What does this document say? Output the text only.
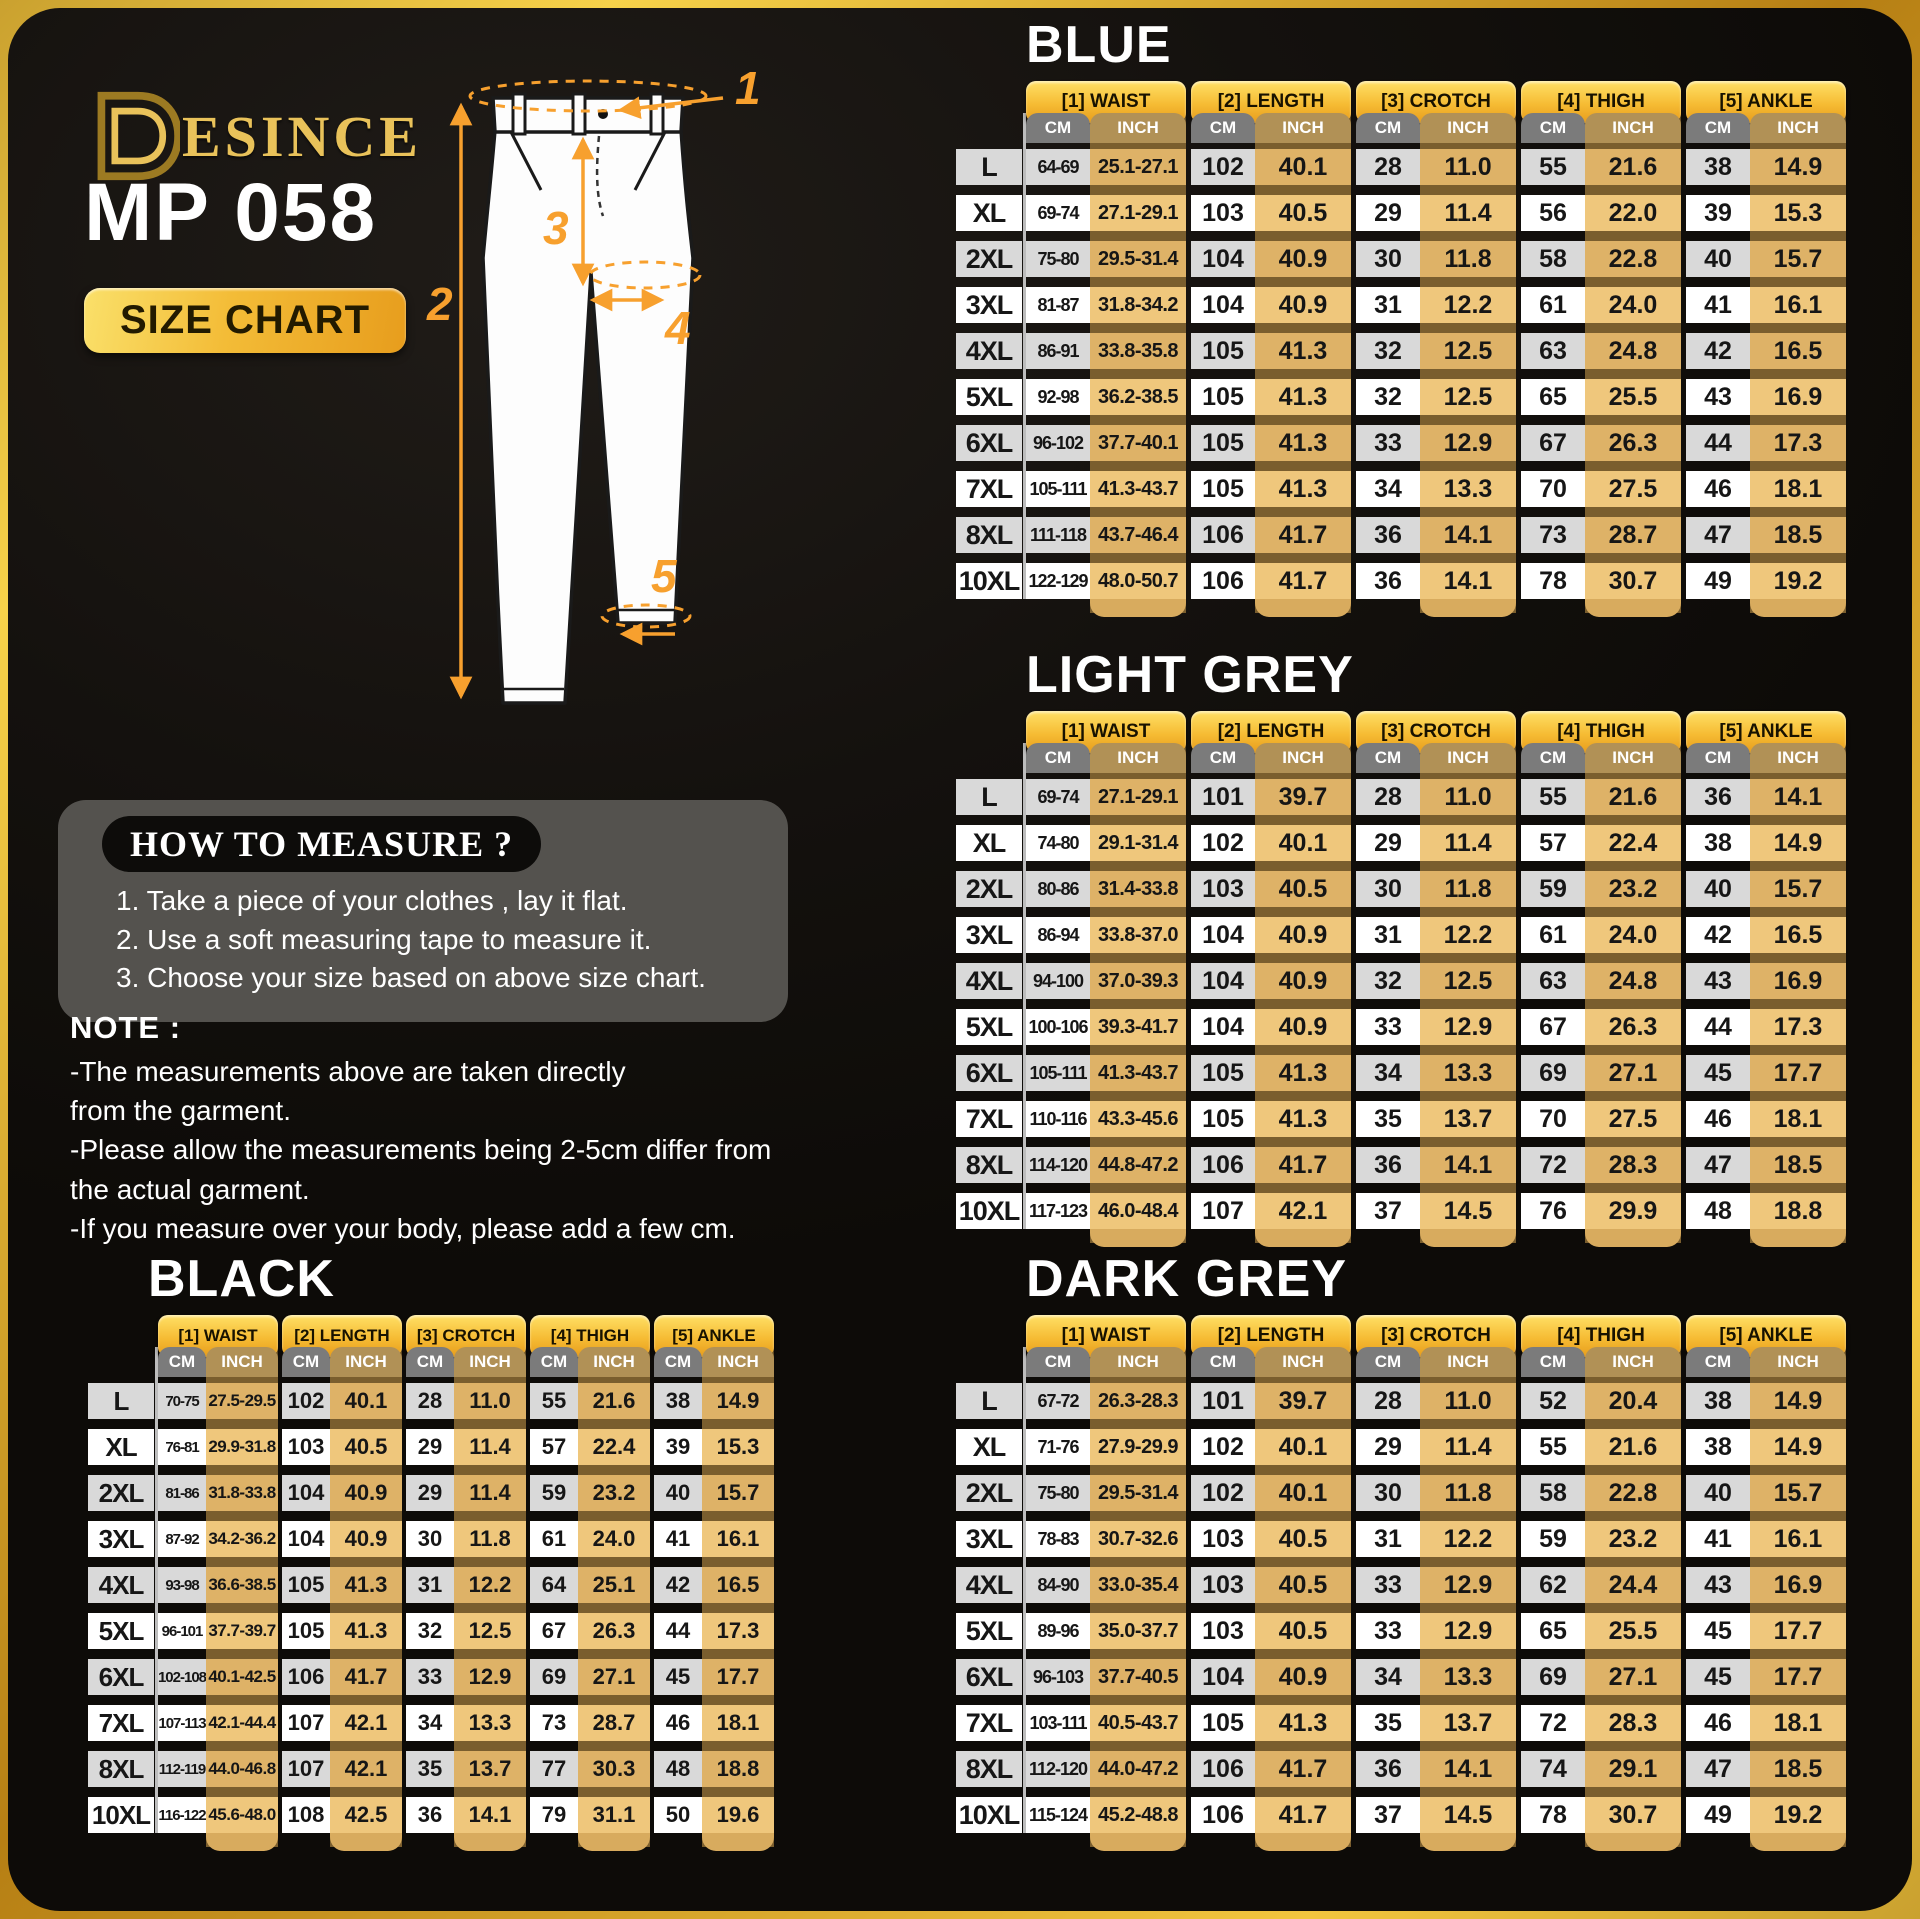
ESINCE
MP 058
SIZE CHART
1
2
3
4
5
HOW TO MEASURE ?
1. Take a piece of your clothes , lay it flat.
2. Use a soft measuring tape to measure it.
3. Choose your size based on above size chart.
NOTE :
-The measurements above are taken directly
from the garment.
-Please allow the measurements being 2-5cm differ from
the actual garment.
-If you measure over your body, please add a few cm.
BLUE
[1] WAIST	[2] LENGTH	[3] CROTCH	[4] THIGH	[5] ANKLE
CM	INCH	CM	INCH	CM	INCH	CM	INCH	CM	INCH
L	64-69 25.1-27.1 102	40.1	28	11.0	55	21.6	38	14.9
XL	69-74 27.1-29.1 103	40.5	29	11.4	56	22.0	39	15.3
2XL	75-80 29.5-31.4 104	40.9	30	11.8	58	22.8	40	15.7
3XL	81-87 31.8-34.2 104	40.9	31	12.2	61	24.0	41	16.1
4XL	86-91 33.8-35.8 105	41.3	32	12.5	63	24.8	42	16.5
5XL	92-98 36.2-38.5 105	41.3	32	12.5	65	25.5	43	16.9
6XL	96-102 37.7-40.1 105	41.3	33	12.9	67	26.3	44	17.3
7XL 105-111 41.3-43.7 105	41.3	34	13.3	70	27.5	46	18.1
8XL 111-118 43.7-46.4 106	41.7	36	14.1	73	28.7	47	18.5
10XL 122-129 48.0-50.7 106	41.7	36	14.1	78	30.7	49	19.2
LIGHT GREY
[1] WAIST	[2] LENGTH	[3] CROTCH	[4] THIGH	[5] ANKLE
CM	INCH	CM	INCH	CM	INCH	CM	INCH	CM	INCH
L	69-74 27.1-29.1 101	39.7	28	11.0	55	21.6	36	14.1
XL	74-80 29.1-31.4 102	40.1	29	11.4	57	22.4	38	14.9
2XL	80-86 31.4-33.8 103	40.5	30	11.8	59	23.2	40	15.7
3XL	86-94 33.8-37.0 104	40.9	31	12.2	61	24.0	42	16.5
4XL	94-100 37.0-39.3 104	40.9	32	12.5	63	24.8	43	16.9
5XL 100-106 39.3-41.7 104	40.9	33	12.9	67	26.3	44	17.3
6XL 105-111 41.3-43.7 105	41.3	34	13.3	69	27.1	45	17.7
7XL 110-116 43.3-45.6 105	41.3	35	13.7	70	27.5	46	18.1
8XL 114-120 44.8-47.2 106	41.7	36	14.1	72	28.3	47	18.5
10XL 117-123 46.0-48.4 107	42.1	37	14.5	76	29.9	48	18.8
BLACK
[1] WAIST	[2] LENGTH	[3] CROTCH	[4] THIGH	[5] ANKLE
CM	INCH	CM	INCH	CM	INCH	CM	INCH	CM	INCH
L	70-75 27.5-29.5 102 40.1	28	11.0	55	21.6	38	14.9
XL	76-81 29.9-31.8 103 40.5	29	11.4	57	22.4	39	15.3
2XL	81-86 31.8-33.8 104 40.9	29	11.4	59	23.2	40	15.7
3XL	87-92 34.2-36.2 104 40.9	30	11.8	61	24.0	41	16.1
4XL	93-98 36.6-38.5 105 41.3	31	12.2	64	25.1	42	16.5
5XL	96-101 37.7-39.7 105 41.3	32	12.5	67	26.3	44	17.3
6XL 102-108 40.1-42.5 106 41.7	33	12.9	69	27.1	45	17.7
7XL	107-113 42.1-44.4 107 42.1	34	13.3	73	28.7	46	18.1
8XL	112-119 44.0-46.8 107 42.1	35	13.7	77	30.3	48	18.8
10XL 116-122 45.6-48.0 108 42.5	36	14.1	79	31.1	50	19.6
DARK GREY
[1] WAIST	[2] LENGTH	[3] CROTCH	[4] THIGH	[5] ANKLE
CM	INCH	CM	INCH	CM	INCH	CM	INCH	CM	INCH
L	67-72 26.3-28.3 101	39.7	28	11.0	52	20.4	38	14.9
XL	71-76 27.9-29.9 102	40.1	29	11.4	55	21.6	38	14.9
2XL	75-80 29.5-31.4 102	40.1	30	11.8	58	22.8	40	15.7
3XL	78-83 30.7-32.6 103	40.5	31	12.2	59	23.2	41	16.1
4XL	84-90 33.0-35.4 103	40.5	33	12.9	62	24.4	43	16.9
5XL	89-96 35.0-37.7 103	40.5	33	12.9	65	25.5	45	17.7
6XL	96-103 37.7-40.5 104	40.9	34	13.3	69	27.1	45	17.7
7XL 103-111 40.5-43.7 105	41.3	35	13.7	72	28.3	46	18.1
8XL 112-120 44.0-47.2 106	41.7	36	14.1	74	29.1	47	18.5
10XL 115-124 45.2-48.8 106	41.7	37	14.5	78	30.7	49	19.2
